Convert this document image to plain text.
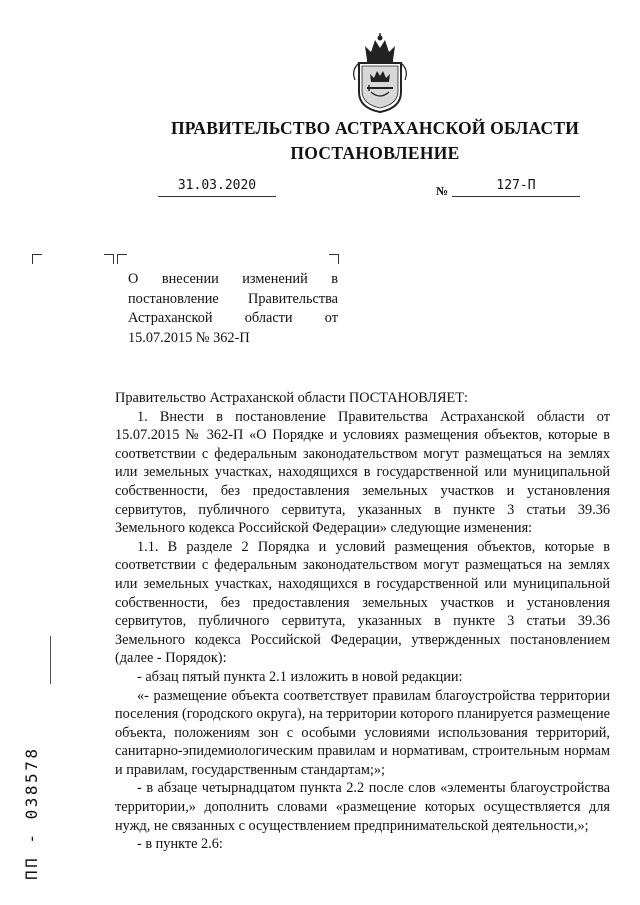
ПРАВИТЕЛЬСТВО АСТРАХАНСКОЙ ОБЛАСТИ
ПОСТАНОВЛЕНИЕ
31.03.2020	№	127-П
О внесении изменений в
постановление Правительства
Астраханской области от
15.07.2015 № 362-П

Правительство Астраханской области ПОСТАНОВЛЯЕТ:

1. Внести в постановление Правительства Астраханской области от 15.07.2015 № 362-П «О Порядке и условиях размещения объектов, которые в соответствии с федеральным законодательством могут размещаться на землях или земельных участках, находящихся в государственной или муниципальной собственности, без предоставления земельных участков и установления сервитутов, публичного сервитута, указанных в пункте 3 статьи 39.36 Земельного кодекса Российской Федерации» следующие изменения:

1.1. В разделе 2 Порядка и условий размещения объектов, которые в соответствии с федеральным законодательством могут размещаться на землях или земельных участках, находящихся в государственной или муниципальной собственности, без предоставления земельных участков и установления сервитутов, публичного сервитута, указанных в пункте 3 статьи 39.36 Земельного кодекса Российской Федерации, утвержденных постановлением (далее - Порядок):

- абзац пятый пункта 2.1 изложить в новой редакции:

«- размещение объекта соответствует правилам благоустройства территории поселения (городского округа), на территории которого планируется размещение объекта, положениям зон с особыми условиями использования территорий, санитарно-эпидемиологическим правилам и нормативам, строительным нормам и правилам, государственным стандартам;»;

- в абзаце четырнадцатом пункта 2.2 после слов «элементы благоустройства территории,» дополнить словами «размещение которых осуществляется для нужд, не связанных с осуществлением предпринимательской деятельности,»;

- в пункте 2.6:

ПП - 038578
